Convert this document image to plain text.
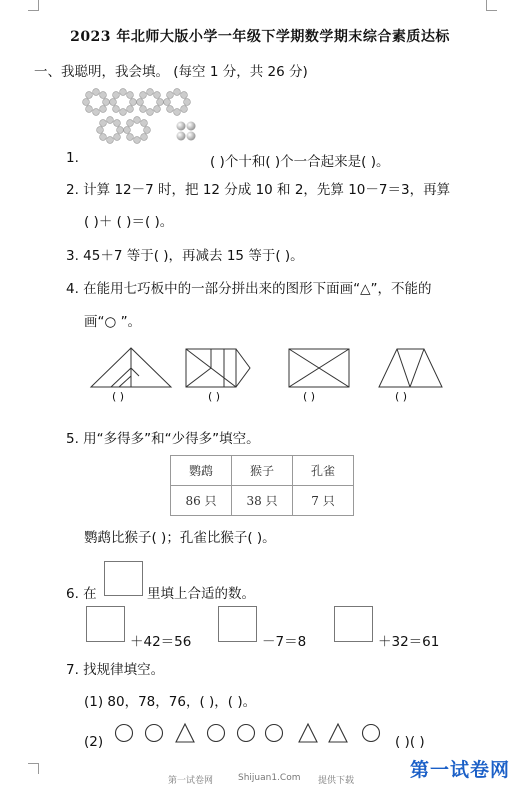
2023 年北师大版小学一年级下学期数学期末综合素质达标
一、我聪明，我会填。 (每空 1 分，共 26 分)
1.	( )个十和( )个一合起来是( )。
2. 计算 12－7 时，把 12 分成 10 和 2，先算 10－7＝3，再算
( )＋ ( )＝( )。
3. 45＋7 等于( )，再减去 15 等于( )。
4. 在能用七巧板中的一部分拼出来的图形下面画“△”，不能的
画“○ ”。
( )	( )	( )	( )
5. 用“多得多”和“少得多”填空。
鹦鹉	猴子	孔雀
86 只	38 只	7 只
鹦鹉比猴子( )；孔雀比猴子( )。
6. 在	里填上合适的数。
＋42＝56	－7＝8	＋32＝61
7. 找规律填空。
(1) 80，78，76，( )，( )。
(2)	( )( )
第一试卷网	Shijuan1.Com 提供下载	第一试卷网
